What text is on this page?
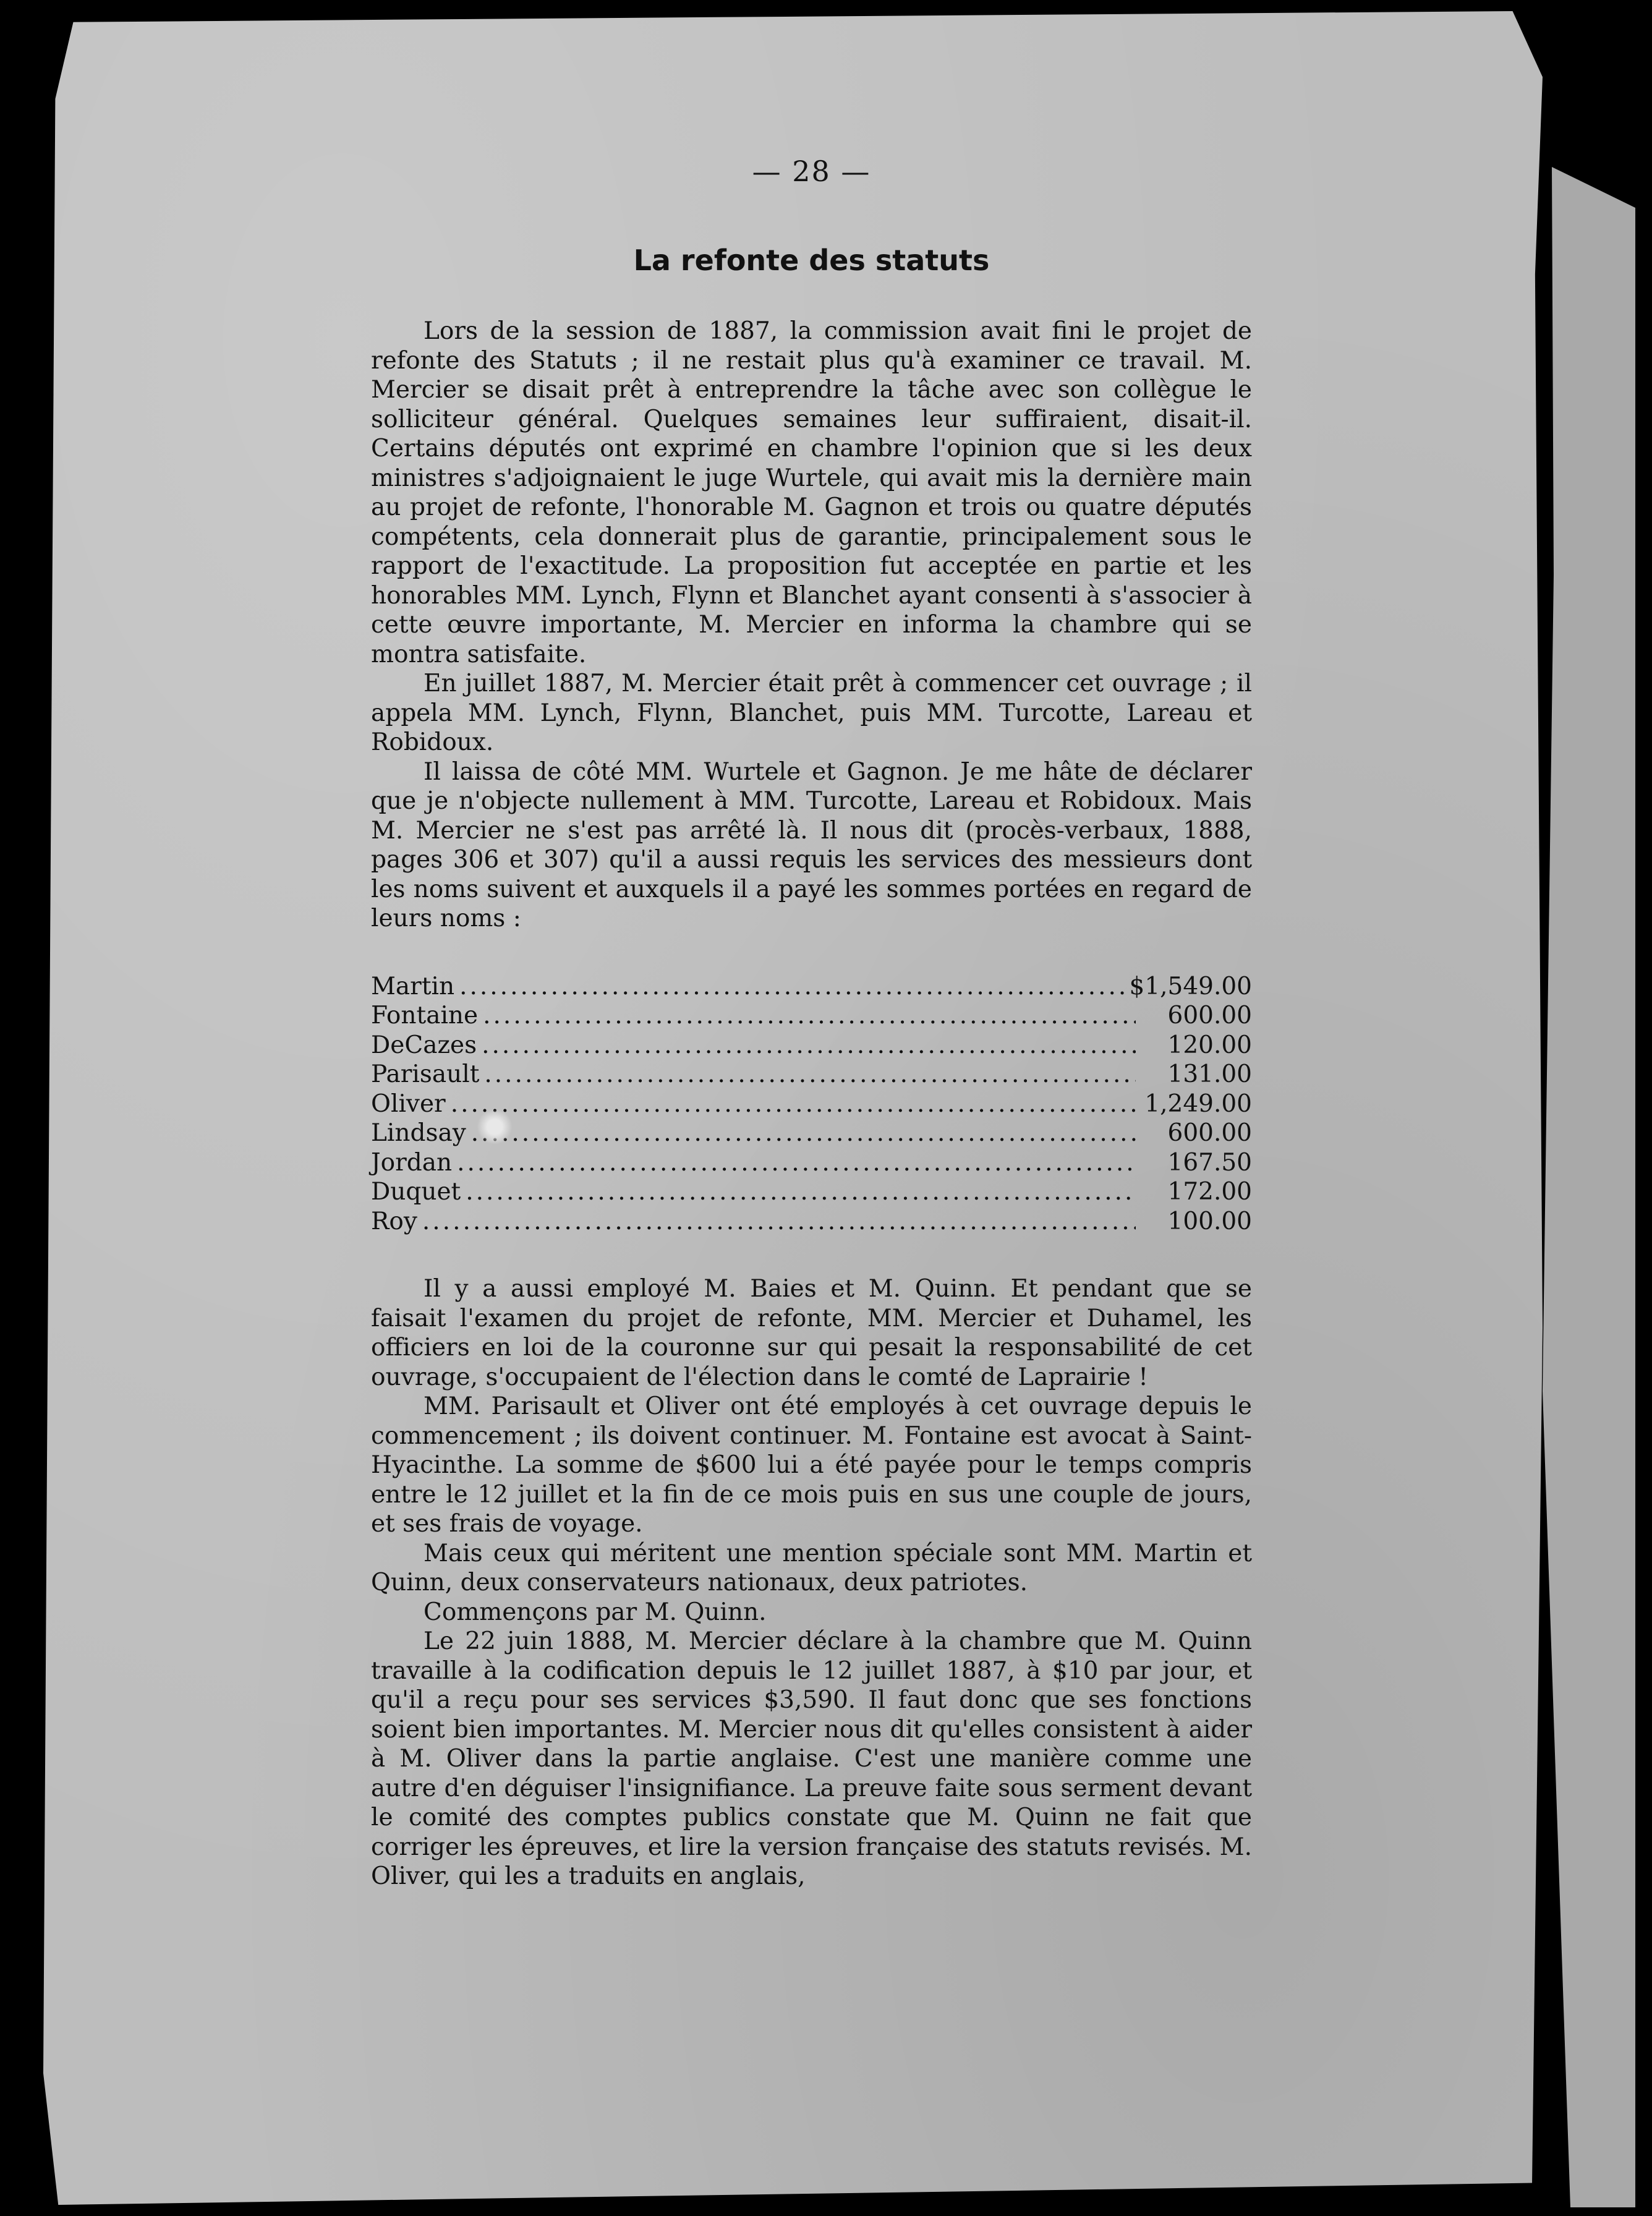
— 28 —
La refonte des statuts

Lors de la session de 1887, la commission avait fini le projet de refonte des Statuts ; il ne restait plus qu'à examiner ce travail. M. Mercier se disait prêt à entreprendre la tâche avec son collègue le solliciteur général. Quelques semaines leur suffiraient, disait-il. Certains députés ont exprimé en chambre l'opinion que si les deux ministres s'adjoignaient le juge Wurtele, qui avait mis la dernière main au projet de refonte, l'honorable M. Gagnon et trois ou quatre députés compétents, cela donnerait plus de garantie, principalement sous le rapport de l'exactitude. La proposition fut acceptée en partie et les honorables MM. Lynch, Flynn et Blanchet ayant consenti à s'associer à cette œuvre importante, M. Mercier en informa la chambre qui se montra satisfaite.

En juillet 1887, M. Mercier était prêt à commencer cet ouvrage ; il appela MM. Lynch, Flynn, Blanchet, puis MM. Turcotte, Lareau et Robidoux.

Il laissa de côté MM. Wurtele et Gagnon. Je me hâte de déclarer que je n'objecte nullement à MM. Turcotte, Lareau et Robidoux. Mais M. Mercier ne s'est pas arrêté là. Il nous dit (procès-verbaux, 1888, pages 306 et 307) qu'il a aussi requis les services des messieurs dont les noms suivent et auxquels il a payé les sommes portées en regard de leurs noms :

Martin .....	$1,549.00
Fontaine .....	600.00
DeCazes .....	120.00
Parisault .....	131.00
Oliver .....	1,249.00
Lindsay .....	600.00
Jordan .....	167.50
Duquet .....	172.00
Roy .....	100.00

Il y a aussi employé M. Baies et M. Quinn. Et pendant que se faisait l'examen du projet de refonte, MM. Mercier et Duhamel, les officiers en loi de la couronne sur qui pesait la responsabilité de cet ouvrage, s'occupaient de l'élection dans le comté de Laprairie !

MM. Parisault et Oliver ont été employés à cet ouvrage depuis le commencement ; ils doivent continuer. M. Fontaine est avocat à Saint-Hyacinthe. La somme de $600 lui a été payée pour le temps compris entre le 12 juillet et la fin de ce mois puis en sus une couple de jours, et ses frais de voyage.

Mais ceux qui méritent une mention spéciale sont MM. Martin et Quinn, deux conservateurs nationaux, deux patriotes.

Commençons par M. Quinn.

Le 22 juin 1888, M. Mercier déclare à la chambre que M. Quinn travaille à la codification depuis le 12 juillet 1887, à $10 par jour, et qu'il a reçu pour ses services $3,590. Il faut donc que ses fonctions soient bien importantes. M. Mercier nous dit qu'elles consistent à aider à M. Oliver dans la partie anglaise. C'est une manière comme une autre d'en déguiser l'insignifiance. La preuve faite sous serment devant le comité des comptes publics constate que M. Quinn ne fait que corriger les épreuves, et lire la version française des statuts revisés. M. Oliver, qui les a traduits en anglais,
